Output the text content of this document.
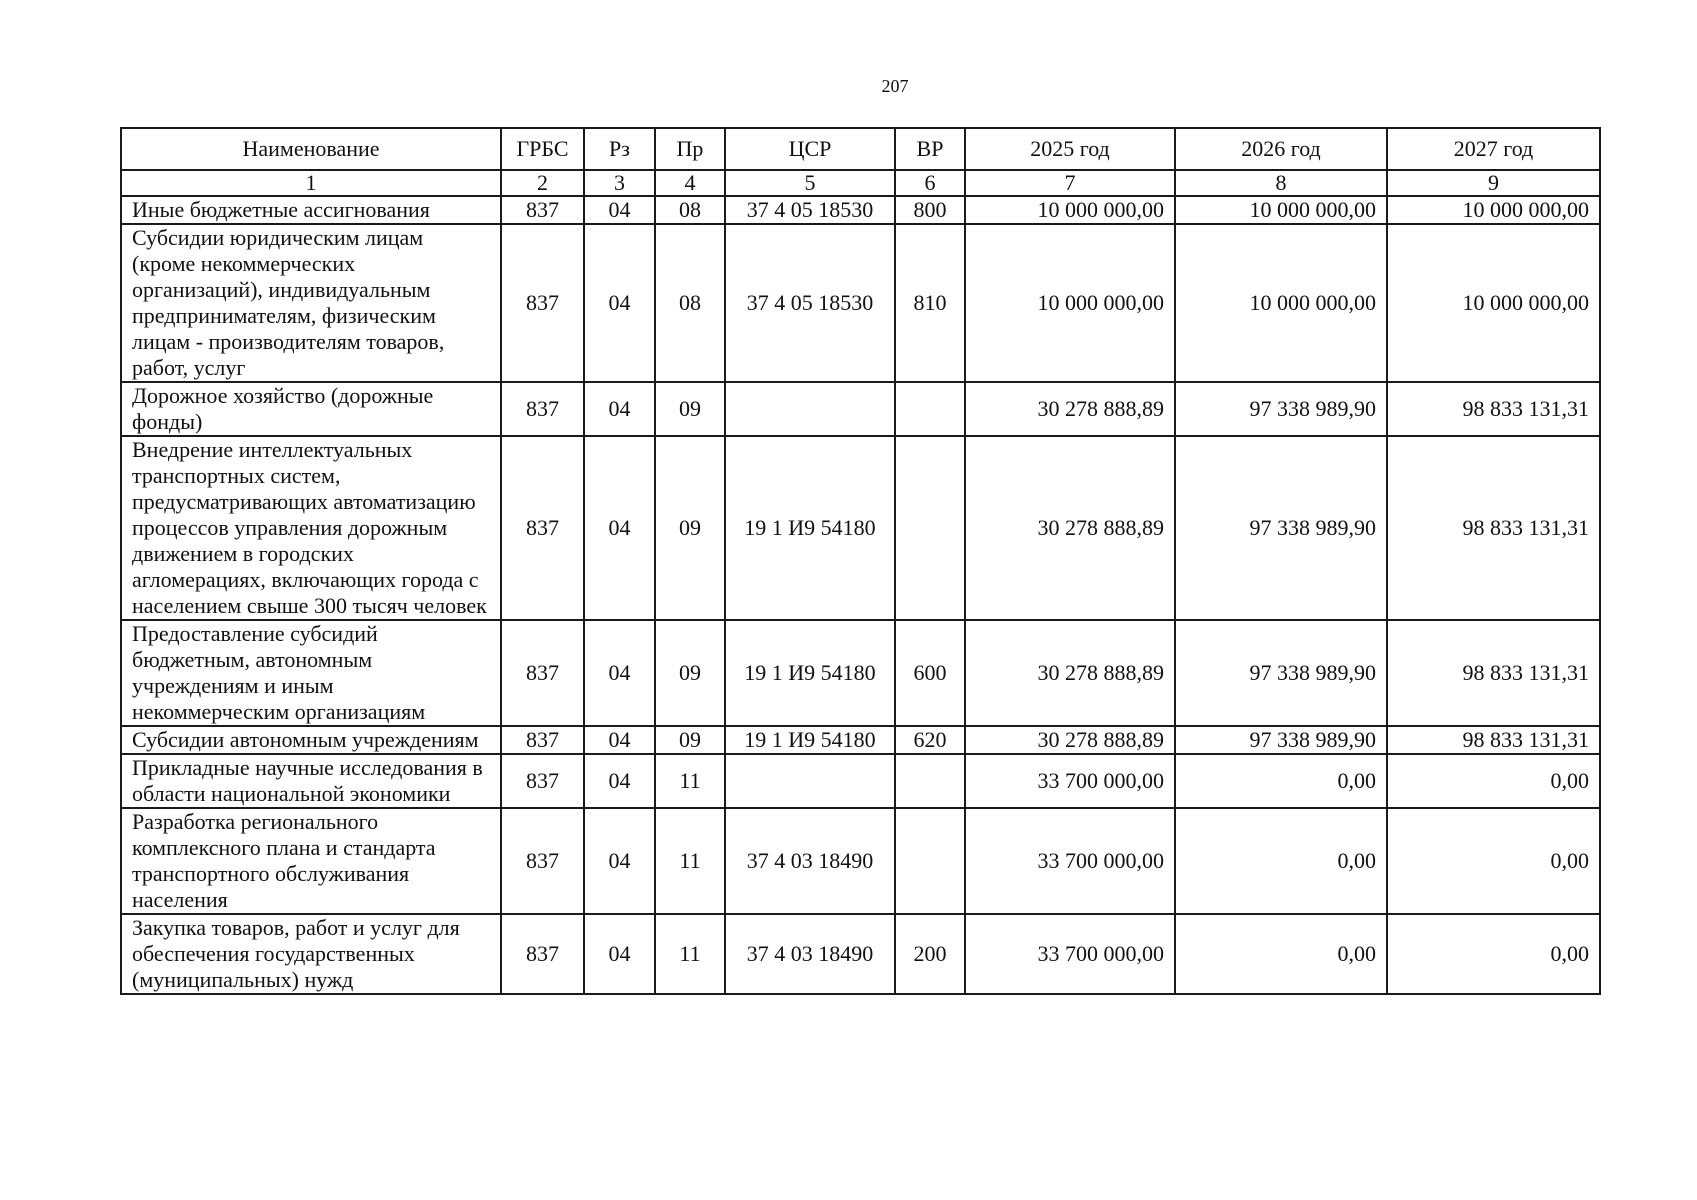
207
Наименование	ГРБС	Рз	Пр	ЦСР	ВР	2025 год	2026 год	2027 год
1	2	3	4	5	6	7	8	9
Иные бюджетные ассигнования	837	04	08	37 4 05 18530	800	10 000 000,00	10 000 000,00	10 000 000,00
Субсидии юридическим лицам (кроме некоммерческих организаций), индивидуальным предпринимателям, физическим лицам - производителям товаров, работ, услуг	837	04	08	37 4 05 18530	810	10 000 000,00	10 000 000,00	10 000 000,00
Дорожное хозяйство (дорожные фонды)	837	04	09			30 278 888,89	97 338 989,90	98 833 131,31
Внедрение интеллектуальных транспортных систем, предусматривающих автоматизацию процессов управления дорожным движением в городских агломерациях, включающих города с населением свыше 300 тысяч человек	837	04	09	19 1 И9 54180		30 278 888,89	97 338 989,90	98 833 131,31
Предоставление субсидий бюджетным, автономным учреждениям и иным некоммерческим организациям	837	04	09	19 1 И9 54180	600	30 278 888,89	97 338 989,90	98 833 131,31
Субсидии автономным учреждениям	837	04	09	19 1 И9 54180	620	30 278 888,89	97 338 989,90	98 833 131,31
Прикладные научные исследования в области национальной экономики	837	04	11			33 700 000,00	0,00	0,00
Разработка регионального комплексного плана и стандарта транспортного обслуживания населения	837	04	11	37 4 03 18490		33 700 000,00	0,00	0,00
Закупка товаров, работ и услуг для обеспечения государственных (муниципальных) нужд	837	04	11	37 4 03 18490	200	33 700 000,00	0,00	0,00
